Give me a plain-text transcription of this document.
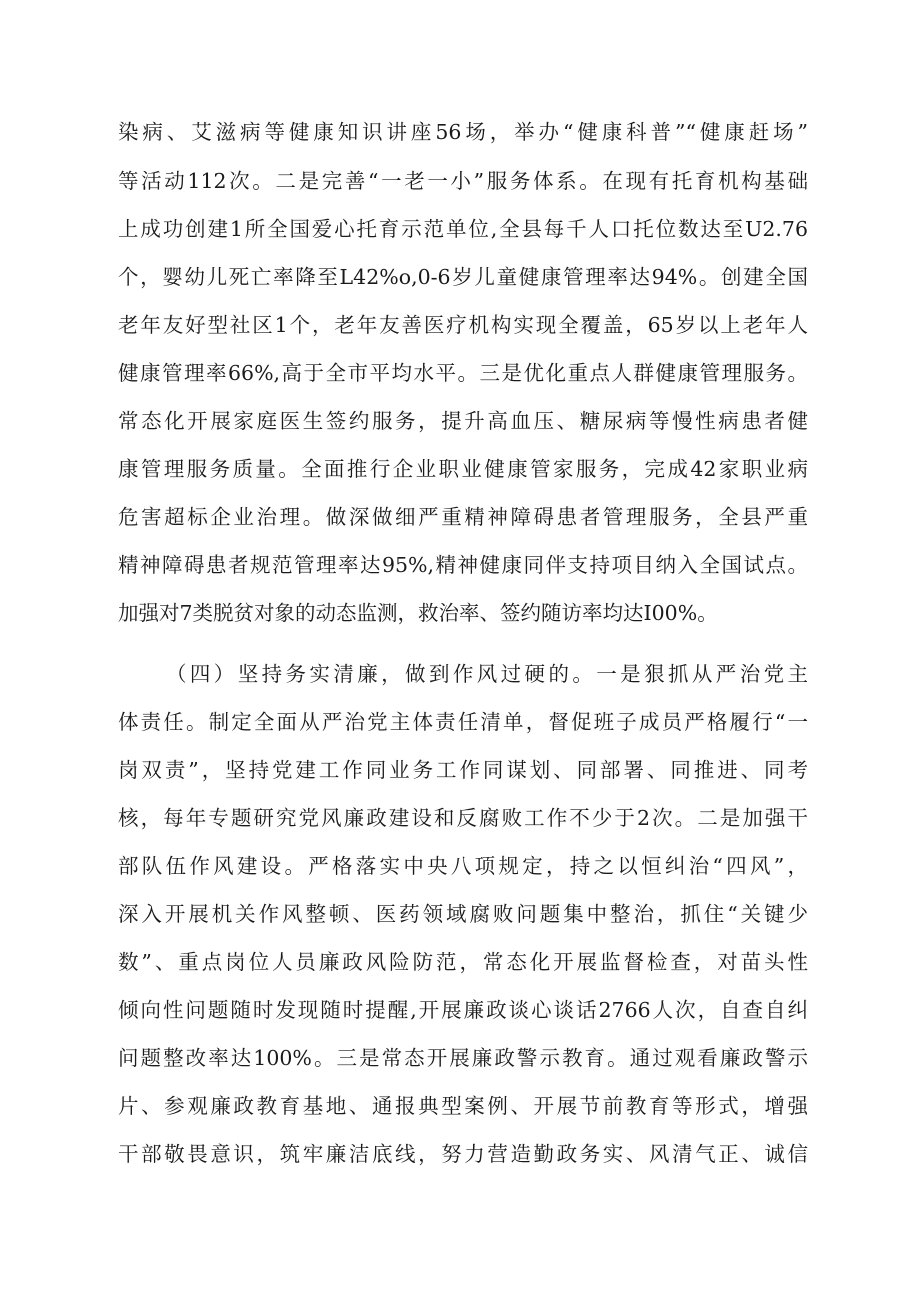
染病、艾滋病等健康知识讲座56场，举办“健康科普”“健康赶场”
等活动112次。二是完善“一老一小”服务体系。在现有托育机构基础
上成功创建1所全国爱心托育示范单位,全县每千人口托位数达至U2.76
个，婴幼儿死亡率降至L42%o,0-6岁儿童健康管理率达94%。创建全国
老年友好型社区1个，老年友善医疗机构实现全覆盖，65岁以上老年人
健康管理率66%,高于全市平均水平。三是优化重点人群健康管理服务。
常态化开展家庭医生签约服务，提升高血压、糖尿病等慢性病患者健
康管理服务质量。全面推行企业职业健康管家服务，完成42家职业病
危害超标企业治理。做深做细严重精神障碍患者管理服务，全县严重
精神障碍患者规范管理率达95%,精神健康同伴支持项目纳入全国试点。
加强对7类脱贫对象的动态监测，救治率、签约随访率均达I00%。
（四）坚持务实清廉，做到作风过硬的。一是狠抓从严治党主
体责任。制定全面从严治党主体责任清单，督促班子成员严格履行“一
岗双责”，坚持党建工作同业务工作同谋划、同部署、同推进、同考
核，每年专题研究党风廉政建设和反腐败工作不少于2次。二是加强干
部队伍作风建设。严格落实中央八项规定，持之以恒纠治“四风”，
深入开展机关作风整顿、医药领域腐败问题集中整治，抓住“关键少
数”、重点岗位人员廉政风险防范，常态化开展监督检查，对苗头性
倾向性问题随时发现随时提醒,开展廉政谈心谈话2766人次，自查自纠
问题整改率达100%。三是常态开展廉政警示教育。通过观看廉政警示
片、参观廉政教育基地、通报典型案例、开展节前教育等形式，增强
干部敬畏意识，筑牢廉洁底线，努力营造勤政务实、风清气正、诚信
